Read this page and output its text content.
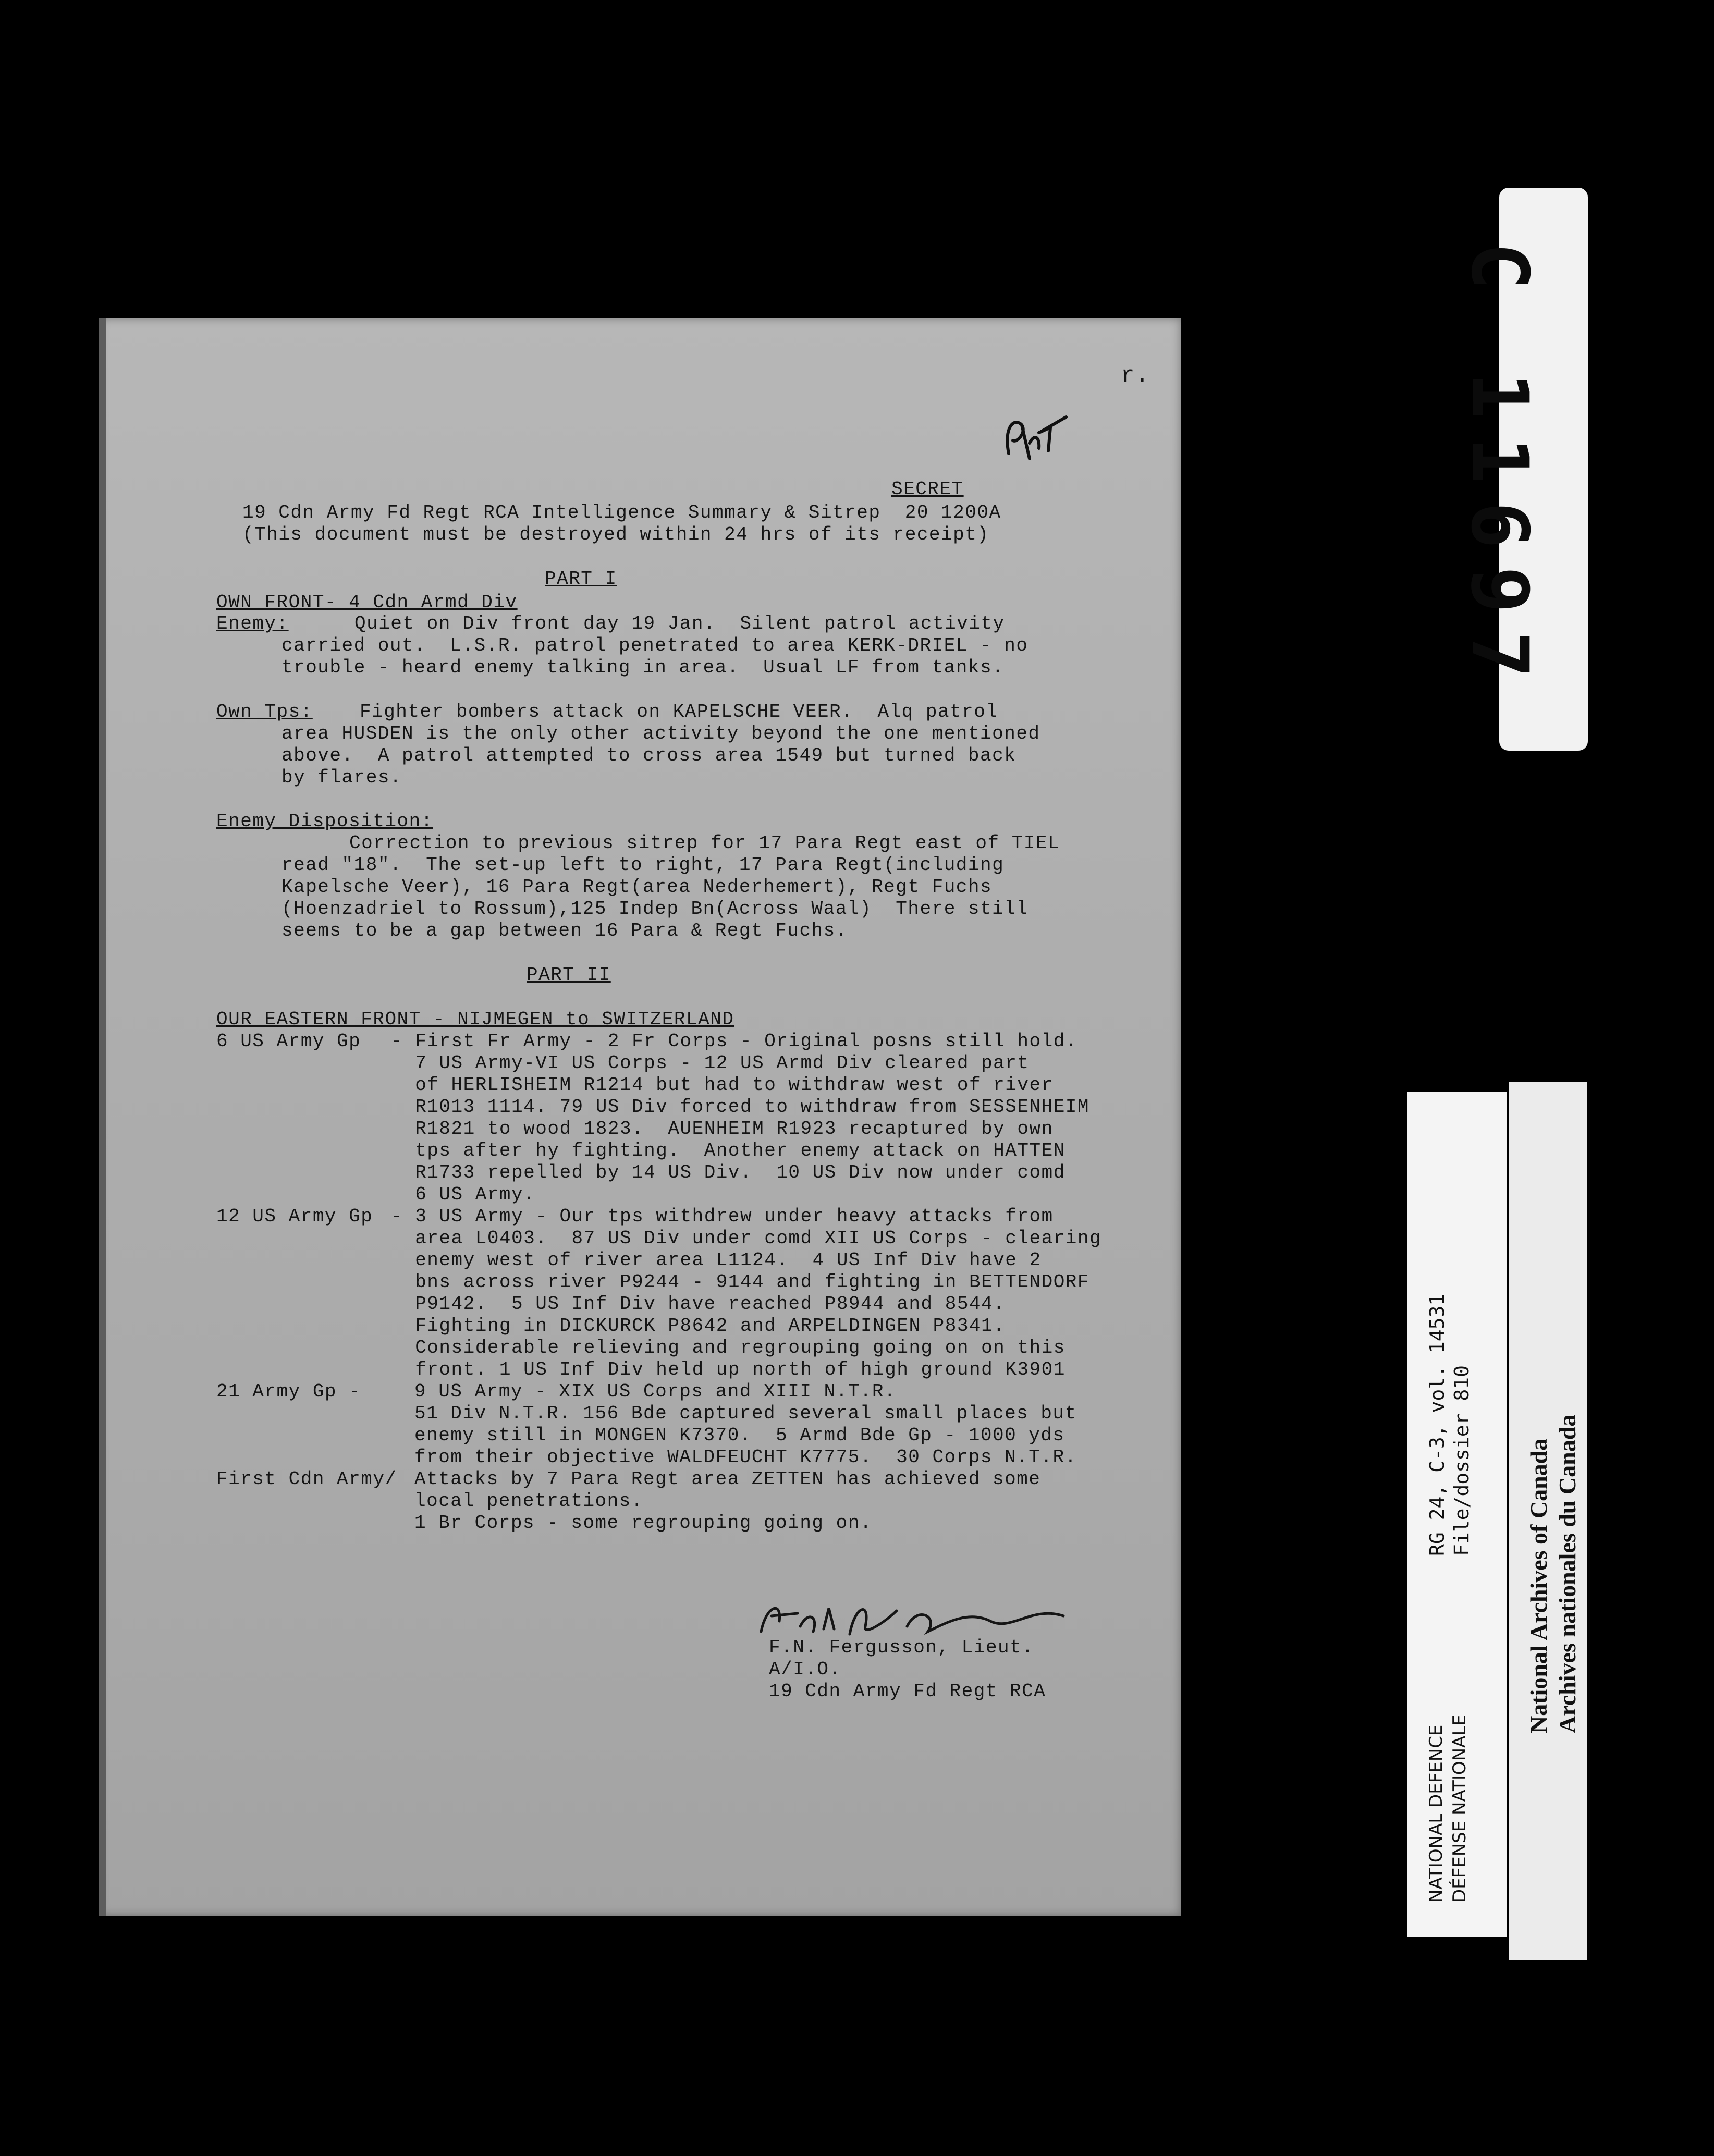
r.
SECRET
19 Cdn Army Fd Regt RCA Intelligence Summary & Sitrep 20 1200A
(This document must be destroyed within 24 hrs of its receipt)
PART I
OWN FRONT- 4 Cdn Armd Div
Enemy:	Quiet on Div front day 19 Jan.  Silent patrol activity
carried out.  L.S.R. patrol penetrated to area KERK-DRIEL - no
trouble - heard enemy talking in area.  Usual LF from tanks.
Own Tps:	Fighter bombers attack on KAPELSCHE VEER.  Alq patrol
area HUSDEN is the only other activity beyond the one mentioned
above.  A patrol attempted to cross area 1549 but turned back
by flares.
Enemy Disposition:
Correction to previous sitrep for 17 Para Regt east of TIEL
read "18".  The set-up left to right, 17 Para Regt(including
Kapelsche Veer), 16 Para Regt(area Nederhemert), Regt Fuchs
(Hoenzadriel to Rossum),125 Indep Bn(Across Waal)  There still
seems to be a gap between 16 Para & Regt Fuchs.
PART II
OUR EASTERN FRONT - NIJMEGEN to SWITZERLAND
6 US Army Gp - First Fr Army - 2 Fr Corps - Original posns still hold.
7 US Army-VI US Corps - 12 US Armd Div cleared part
of HERLISHEIM R1214 but had to withdraw west of river
R1013 1114. 79 US Div forced to withdraw from SESSENHEIM
R1821 to wood 1823.  AUENHEIM R1923 recaptured by own
tps after hy fighting.  Another enemy attack on HATTEN
R1733 repelled by 14 US Div.  10 US Div now under comd
6 US Army.
12 US Army Gp - 3 US Army - Our tps withdrew under heavy attacks from
area L0403.  87 US Div under comd XII US Corps - clearing
enemy west of river area L1124.  4 US Inf Div have 2
bns across river P9244 - 9144 and fighting in BETTENDORF
P9142.  5 US Inf Div have reached P8944 and 8544.
Fighting in DICKURCK P8642 and ARPELDINGEN P8341.
Considerable relieving and regrouping going on on this
front. 1 US Inf Div held up north of high ground K3901
21 Army Gp -	9 US Army - XIX US Corps and XIII N.T.R.
51 Div N.T.R. 156 Bde captured several small places but
enemy still in MONGEN K7370.  5 Armd Bde Gp - 1000 yds
from their objective WALDFEUCHT K7775.  30 Corps N.T.R.
First Cdn Army/ Attacks by 7 Para Regt area ZETTEN has achieved some
local penetrations.
1 Br Corps - some regrouping going on.
F.N. Fergusson, Lieut.
A/I.O.
19 Cdn Army Fd Regt RCA
C 11697
RG 24, C-3, vol. 14531 File/dossier 810
NATIONAL DEFENCE DÉFENSE NATIONALE
National Archives of Canada Archives nationales du Canada
